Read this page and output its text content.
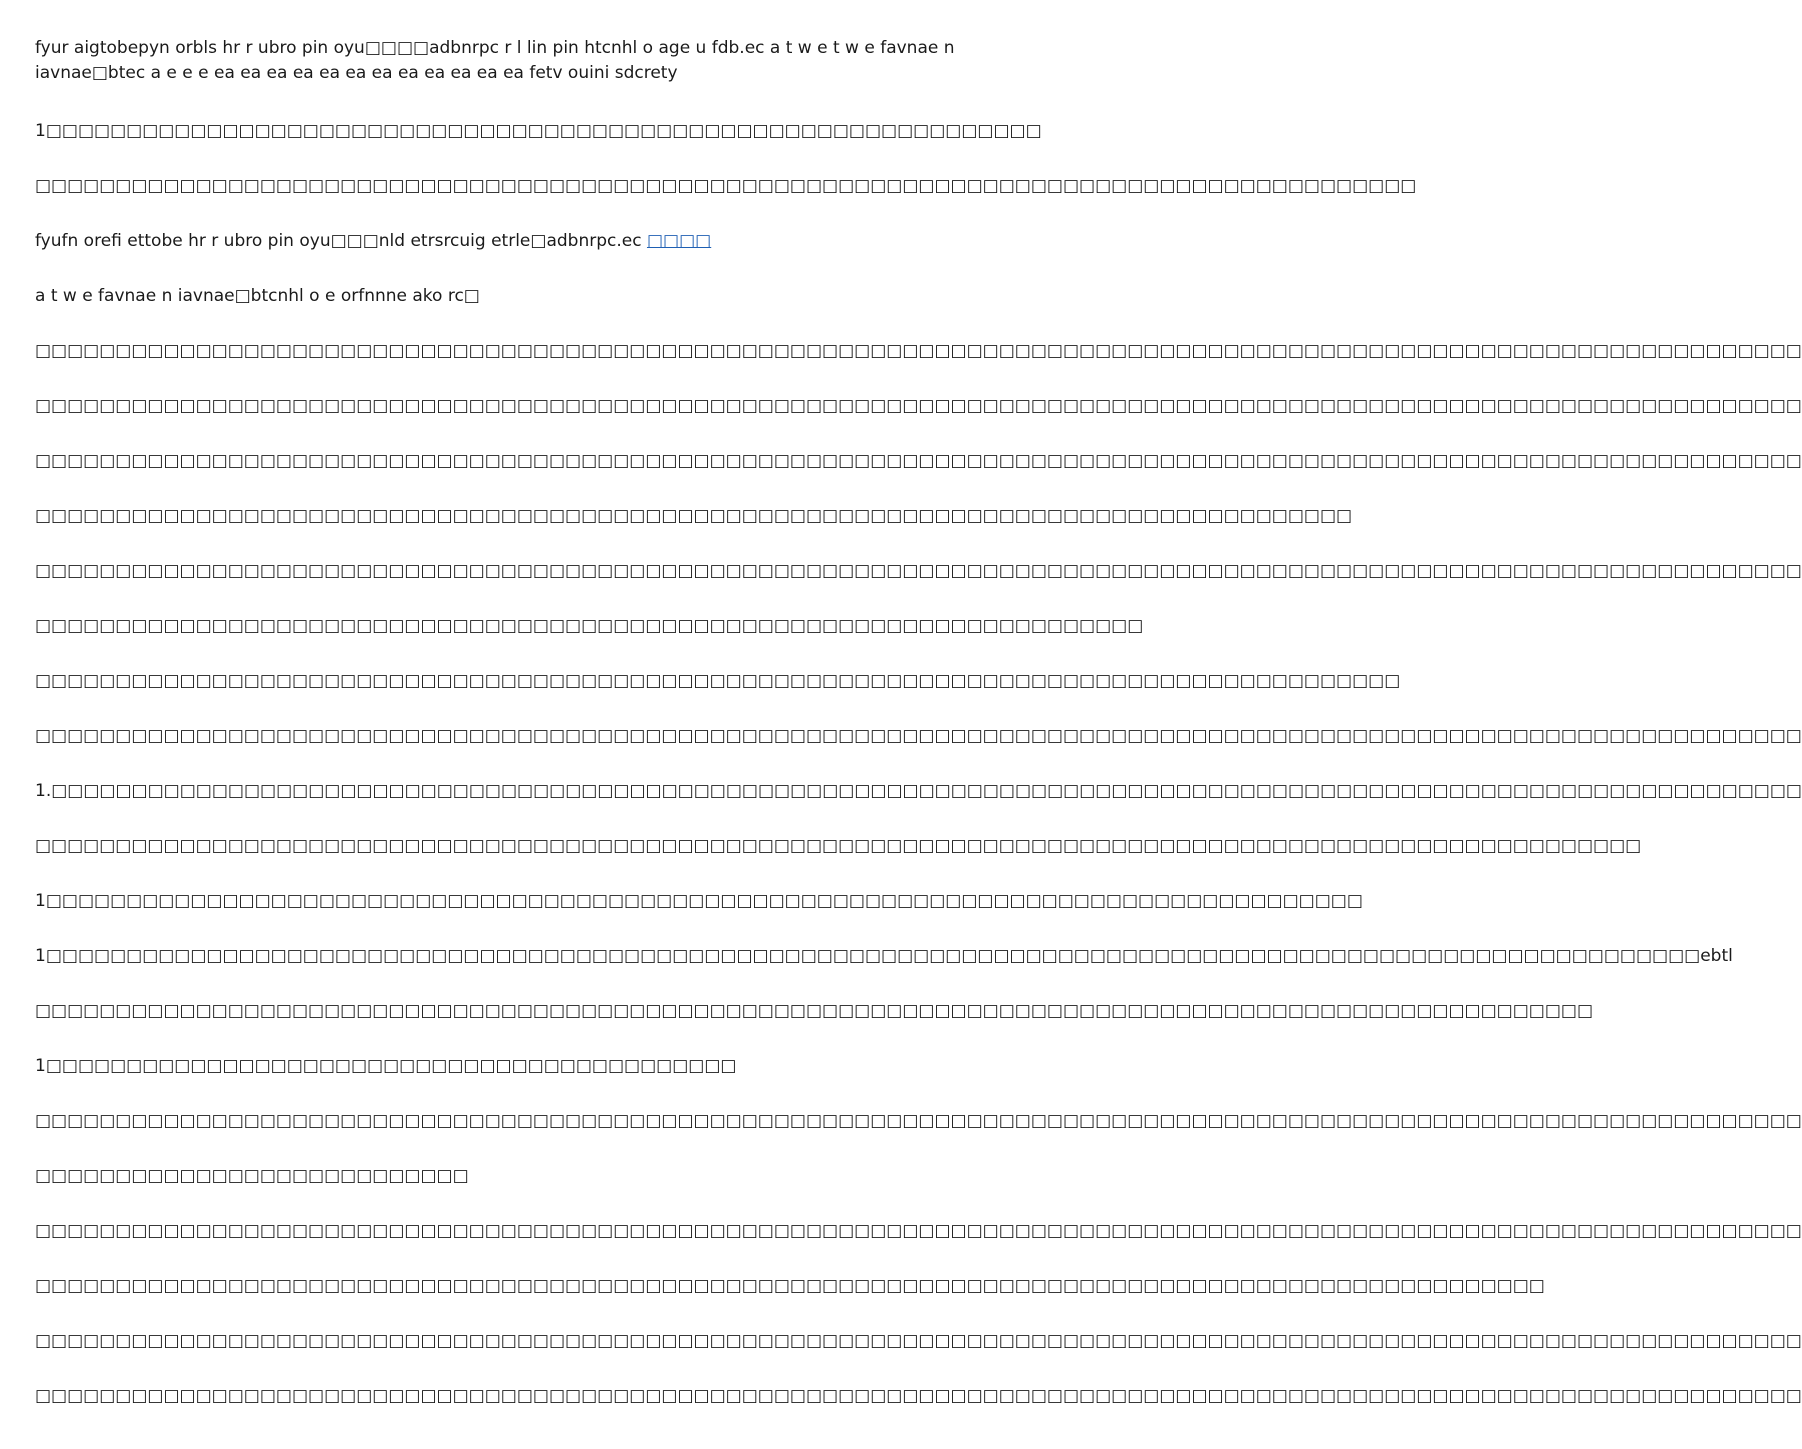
fyur aigtobepyn orbls hr r ubro pin oyu□□□□adbnrpc r l lin pin htcnhl o age u fdb.ec a t w e t w e favnae n iavnae□btec a e e e ea ea ea ea ea ea ea ea ea ea ea ea fetv ouini sdcrety

1□□□□□□□□□□□□□□□□□□□□□□□□□□□□□□□□□□□□□□□□□□□□□□□□□□□□□□□□□□□□□□

□□□□□□□□□□□□□□□□□□□□□□□□□□□□□□□□□□□□□□□□□□□□□□□□□□□□□□□□□□□□□□□□□□□□□□□□□□□□□□□□□□□□□□

fyufn orefi ettobe hr r ubro pin oyu□□□nld etrsrcuig etrle□adbnrpc.ec □□□□

a t w e favnae n iavnae□btcnhl o e orfnnne ako rc□

□□□□□□□□□□□□□□□□□□□□□□□□□□□□□□□□□□□□□□□□□□□□□□□□□□□□□□□□□□□□□□□□□□□□□□□□□□□□□□□□□□□□□□□□□□□□□□□□□□□□□□□□□□□□□□

□□□□□□□□□□□□□□□□□□□□□□□□□□□□□□□□□□□□□□□□□□□□□□□□□□□□□□□□□□□□□□□□□□□□□□□□□□□□□□□□□□□□□□□□□□□□□□□□□□□□□□□□□□□□□□

□□□□□□□□□□□□□□□□□□□□□□□□□□□□□□□□□□□□□□□□□□□□□□□□□□□□□□□□□□□□□□□□□□□□□□□□□□□□□□□□□□□□□□□□□□□□□□□□□□□□□□□□□□□□□□

□□□□□□□□□□□□□□□□□□□□□□□□□□□□□□□□□□□□□□□□□□□□□□□□□□□□□□□□□□□□□□□□□□□□□□□□□□□□□□□□□□

□□□□□□□□□□□□□□□□□□□□□□□□□□□□□□□□□□□□□□□□□□□□□□□□□□□□□□□□□□□□□□□□□□□□□□□□□□□□□□□□□□□□□□□□□□□□□□□□□□□□□□□□□□□□□□

□□□□□□□□□□□□□□□□□□□□□□□□□□□□□□□□□□□□□□□□□□□□□□□□□□□□□□□□□□□□□□□□□□□□□

□□□□□□□□□□□□□□□□□□□□□□□□□□□□□□□□□□□□□□□□□□□□□□□□□□□□□□□□□□□□□□□□□□□□□□□□□□□□□□□□□□□□□

□□□□□□□□□□□□□□□□□□□□□□□□□□□□□□□□□□□□□□□□□□□□□□□□□□□□□□□□□□□□□□□□□□□□□□□□□□□□□□□□□□□□□□□□□□□□□□□□□□□□□□□□□□□□□□

1.□□□□□□□□□□□□□□□□□□□□□□□□□□□□□□□□□□□□□□□□□□□□□□□□□□□□□□□□□□□□□□□□□□□□□□□□□□□□□□□□□□□□□□□□□□□□□□□□□□□□□□□□□□□□□

□□□□□□□□□□□□□□□□□□□□□□□□□□□□□□□□□□□□□□□□□□□□□□□□□□□□□□□□□□□□□□□□□□□□□□□□□□□□□□□□□□□□□□□□□□□□□□□□□□□□

1□□□□□□□□□□□□□□□□□□□□□□□□□□□□□□□□□□□□□□□□□□□□□□□□□□□□□□□□□□□□□□□□□□□□□□□□□□□□□□□□□□

1□□□□□□□□□□□□□□□□□□□□□□□□□□□□□□□□□□□□□□□□□□□□□□□□□□□□□□□□□□□□□□□□□□□□□□□□□□□□□□□□□□□□□□□□□□□□□□□□□□□□□□□ebtl

□□□□□□□□□□□□□□□□□□□□□□□□□□□□□□□□□□□□□□□□□□□□□□□□□□□□□□□□□□□□□□□□□□□□□□□□□□□□□□□□□□□□□□□□□□□□□□□□□

1□□□□□□□□□□□□□□□□□□□□□□□□□□□□□□□□□□□□□□□□□□□

□□□□□□□□□□□□□□□□□□□□□□□□□□□□□□□□□□□□□□□□□□□□□□□□□□□□□□□□□□□□□□□□□□□□□□□□□□□□□□□□□□□□□□□□□□□□□□□□□□□□□□□□□□□□□□

□□□□□□□□□□□□□□□□□□□□□□□□□□□

□□□□□□□□□□□□□□□□□□□□□□□□□□□□□□□□□□□□□□□□□□□□□□□□□□□□□□□□□□□□□□□□□□□□□□□□□□□□□□□□□□□□□□□□□□□□□□□□□□□□□□□□□□□□□□

□□□□□□□□□□□□□□□□□□□□□□□□□□□□□□□□□□□□□□□□□□□□□□□□□□□□□□□□□□□□□□□□□□□□□□□□□□□□□□□□□□□□□□□□□□□□□□

□□□□□□□□□□□□□□□□□□□□□□□□□□□□□□□□□□□□□□□□□□□□□□□□□□□□□□□□□□□□□□□□□□□□□□□□□□□□□□□□□□□□□□□□□□□□□□□□□□□□□□□□□□□□□□

□□□□□□□□□□□□□□□□□□□□□□□□□□□□□□□□□□□□□□□□□□□□□□□□□□□□□□□□□□□□□□□□□□□□□□□□□□□□□□□□□□□□□□□□□□□□□□□□□□□□□□□□□□□□□□
